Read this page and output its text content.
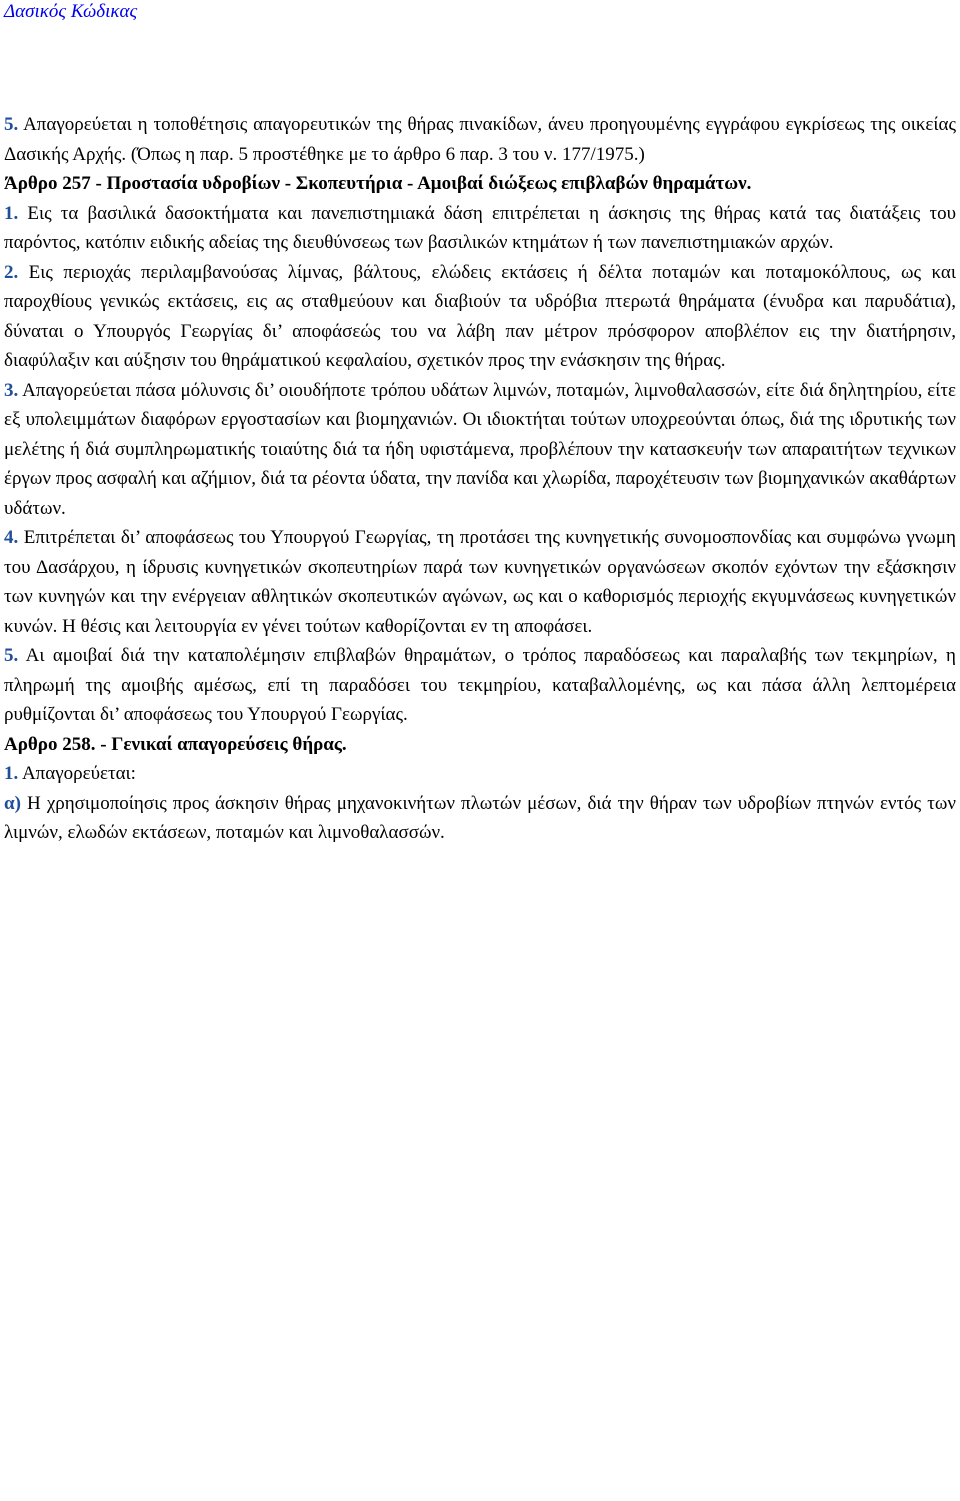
Δασικός Κώδικας

5. Απαγορεύεται η τοποθέτησις απαγορευτικών της θήρας πινακίδων, άνευ προηγουμένης εγγράφου εγκρίσεως της οικείας Δασικής Αρχής. (Όπως η παρ. 5 προστέθηκε με το άρθρο 6 παρ. 3 του ν. 177/1975.)

Άρθρο 257 - Προστασία υδροβίων - Σκοπευτήρια - Αμοιβαί διώξεως επιβλαβών θηραμάτων.

1. Εις τα βασιλικά δασοκτήματα και πανεπιστημιακά δάση επιτρέπεται η άσκησις της θήρας κατά τας διατάξεις του παρόντος, κατόπιν ειδικής αδείας της διευθύνσεως των βασιλικών κτημάτων ή των πανεπιστημιακών αρχών.

2. Εις περιοχάς περιλαμβανούσας λίμνας, βάλτους, ελώδεις εκτάσεις ή δέλτα ποταμών και ποταμοκόλπους, ως και παροχθίους γενικώς εκτάσεις, εις ας σταθμεύουν και διαβιούν τα υδρόβια πτερωτά θηράματα (ένυδρα και παρυδάτια), δύναται ο Υπουργός Γεωργίας δι’ αποφάσεώς του να λάβη παν μέτρον πρόσφορον αποβλέπον εις την διατήρησιν, διαφύλαξιν και αύξησιν του θηράματικού κεφαλαίου, σχετικόν προς την ενάσκησιν της θήρας.

3. Απαγορεύεται πάσα μόλυνσις δι’ οιουδήποτε τρόπου υδάτων λιμνών, ποταμών, λιμνοθαλασσών, είτε διά δηλητηρίου, είτε εξ υπολειμμάτων διαφόρων εργοστασίων και βιομηχανιών. Οι ιδιοκτήται τούτων υποχρεούνται όπως, διά της ιδρυτικής των μελέτης ή διά συμπληρωματικής τοιαύτης διά τα ήδη υφιστάμενα, προβλέπουν την κατασκευήν των απαραιτήτων τεχνικων έργων προς ασφαλή και αζήμιον, διά τα ρέοντα ύδατα, την πανίδα και χλωρίδα, παροχέτευσιν των βιομηχανικών ακαθάρτων υδάτων.

4. Επιτρέπεται δι’ αποφάσεως του Υπουργού Γεωργίας, τη προτάσει της κυνηγετικής συνομοσπονδίας και συμφώνω γνωμη του Δασάρχου, η ίδρυσις κυνηγετικών σκοπευτηρίων παρά των κυνηγετικών οργανώσεων σκοπόν εχόντων την εξάσκησιν των κυνηγών και την ενέργειαν αθλητικών σκοπευτικών αγώνων, ως και ο καθορισμός περιοχής εκγυμνάσεως κυνηγετικών κυνών. Η θέσις και λειτουργία εν γένει τούτων καθορίζονται εν τη αποφάσει.

5. Αι αμοιβαί διά την καταπολέμησιν επιβλαβών θηραμάτων, ο τρόπος παραδόσεως και παραλαβής των τεκμηρίων, η πληρωμή της αμοιβής αμέσως, επί τη παραδόσει του τεκμηρίου, καταβαλλομένης, ως και πάσα άλλη λεπτομέρεια ρυθμίζονται δι’ αποφάσεως του Υπουργού Γεωργίας.

Αρθρο 258. - Γενικαί απαγορεύσεις θήρας.

1. Απαγορεύεται:

α) Η χρησιμοποίησις προς άσκησιν θήρας μηχανοκινήτων πλωτών μέσων, διά την θήραν των υδροβίων πτηνών εντός των λιμνών, ελωδών εκτάσεων, ποταμών και λιμνοθαλασσών.
